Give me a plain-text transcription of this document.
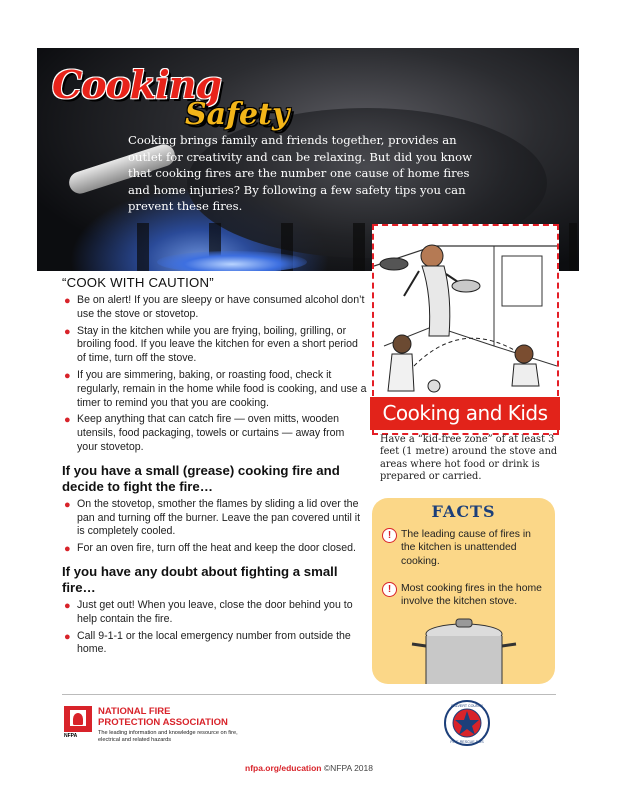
Cooking
Safety

Cooking brings family and friends together, provides an outlet for creativity and can be relaxing. But did you know that cooking fires are the number one cause of home fires and home injuries? By following a few safety tips you can prevent these fires.

“COOK WITH CAUTION”

● Be on alert! If you are sleepy or have consumed alcohol don’t use the stove or stovetop.
● Stay in the kitchen while you are frying, boiling, grilling, or broiling food. If you leave the kitchen for even a short period of time, turn off the stove.
● If you are simmering, baking, or roasting food, check it regularly, remain in the home while food is cooking, and use a timer to remind you that you are cooking.
● Keep anything that can catch fire — oven mitts, wooden utensils, food packaging, towels or curtains — away from your stovetop.

If you have a small (grease) cooking fire and decide to fight the fire…

● On the stovetop, smother the flames by sliding a lid over the pan and turning off the burner. Leave the pan covered until it is completely cooled.
● For an oven fire, turn off the heat and keep the door closed.

If you have any doubt about fighting a small fire…

● Just get out! When you leave, close the door behind you to help contain the fire.
● Call 9-1-1 or the local emergency number from outside the home.
Cooking and Kids

Have a “kid-free zone” of at least 3 feet (1 metre) around the stove and areas where hot food or drink is prepared or carried.

FACTS
! The leading cause of fires in the kitchen is unattended cooking.
! Most cooking fires in the home involve the kitchen stove.
NFPA

NATIONAL FIRE PROTECTION ASSOCIATION

The leading information and knowledge resource on fire, electrical and related hazards

CALVERT COUNTY
FIRE-RESCUE-EMS
nfpa.org/education ©NFPA 2018
